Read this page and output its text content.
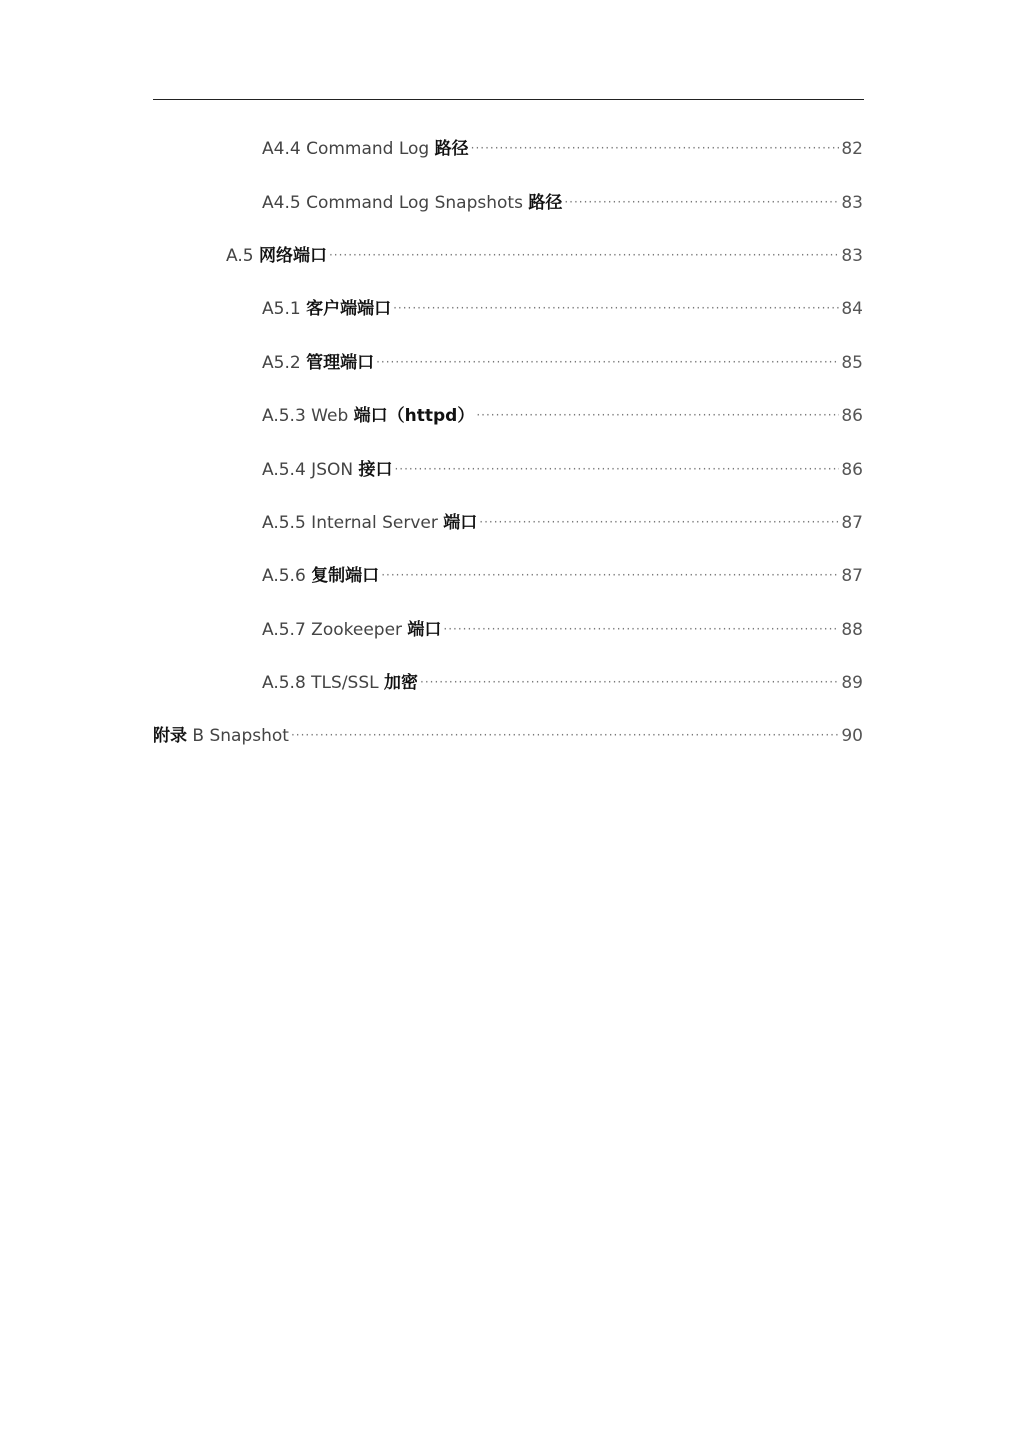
A4.4 Command Log 路径 ·····	82
A4.5 Command Log Snapshots 路径 ·····	83
A.5 网络端口 ·····	83
A5.1 客户端端口 ·····	84
A5.2 管理端口 ·····	85
A.5.3 Web 端口（httpd） ·····	86
A.5.4 JSON 接口 ·····	86
A.5.5 Internal Server 端口 ·····	87
A.5.6 复制端口 ·····	87
A.5.7 Zookeeper 端口 ·····	88
A.5.8 TLS/SSL 加密 ·····	89
附录 B Snapshot ·····	90
